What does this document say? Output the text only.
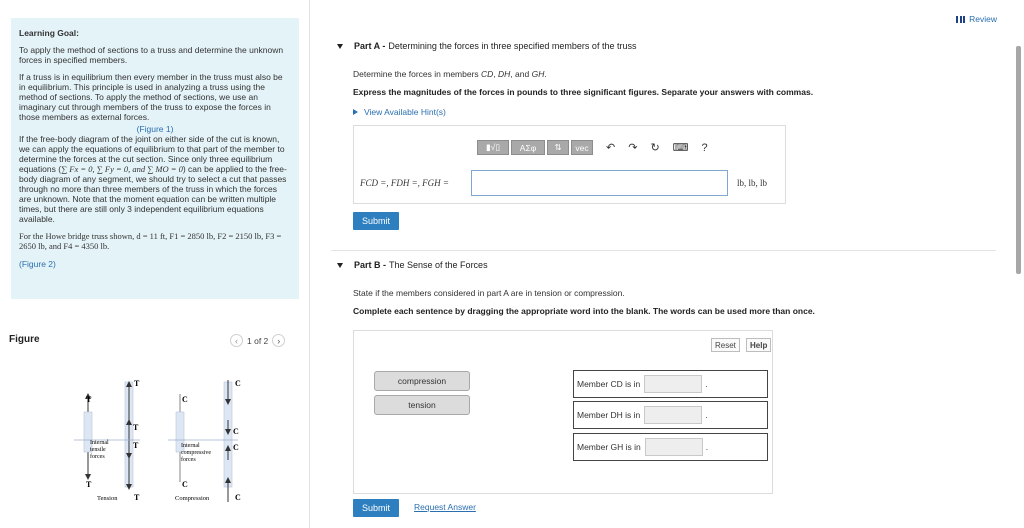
Learning Goal:

To apply the method of sections to a truss and determine the unknown forces in specified members.

If a truss is in equilibrium then every member in the truss must also be in equilibrium. This principle is used in analyzing a truss using the method of sections. To apply the method of sections, we use an imaginary cut through members of the truss to expose the forces in those members as external forces.

(Figure 1)

If the free-body diagram of the joint on either side of the cut is known, we can apply the equations of equilibrium to that part of the member to determine the forces at the cut section. Since only three equilibrium equations (∑ Fx = 0, ∑ Fy = 0, and ∑ MO = 0) can be applied to the free-body diagram of any segment, we should try to select a cut that passes through no more than three members of the truss in which the forces are unknown. Note that the moment equation can be written multiple times, but there are still only 3 independent equilibrium equations available.

For the Howe bridge truss shown, d = 11 ft, F1 = 2850 lb, F2 = 2150 lb, F3 = 2650 lb, and F4 = 4350 lb.

(Figure 2)

Figure	‹	1 of 2	›
T
T
T
T
T
T
Internal tensile forces
Tension
C
C
C
C
C
C
Internal compressive forces
Compression
Review
Part A - Determining the forces in three specified members of the truss
Determine the forces in members CD, DH, and GH.
Express the magnitudes of the forces in pounds to three significant figures. Separate your answers with commas.
View Available Hint(s)
▮√▯	ΑΣφ	⇅	vec	↶ ↷ ↻ ⌨ ?
FCD =, FDH =, FGH =	lb, lb, lb
Submit
Part B - The Sense of the Forces
State if the members considered in part A are in tension or compression.
Complete each sentence by dragging the appropriate word into the blank. The words can be used more than once.
Reset	Help
compression
tension
Member CD is in	.
Member DH is in	.
Member GH is in	.
Submit	Request Answer
